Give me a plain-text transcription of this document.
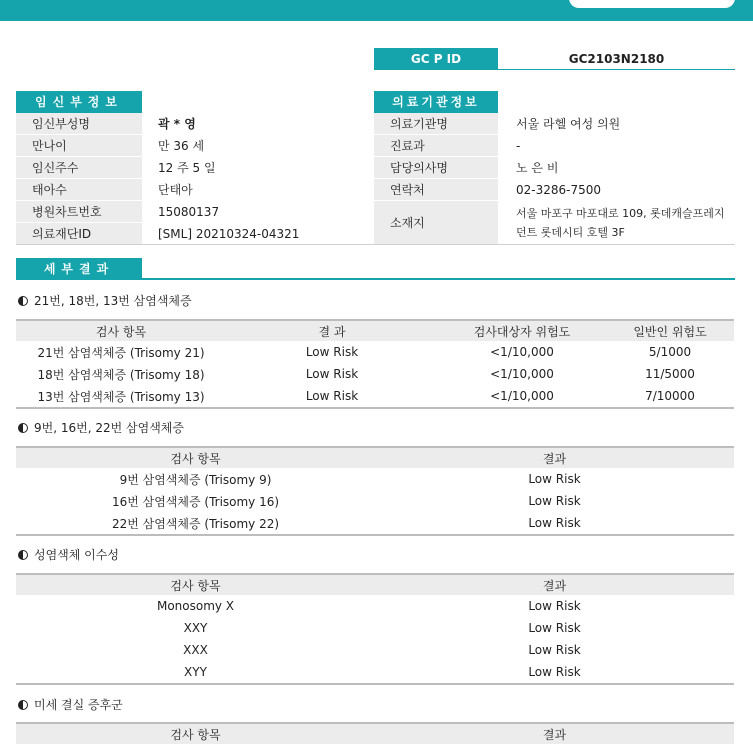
GC P ID	GC2103N2180
임신부정보	의료기관정보
임신부성명	곽 * 영
만나이	만 36 세
임신주수	12 주 5 일
태아수	단태아
병원차트번호	15080137
의료재단ID	[SML] 20210324-04321
의료기관명	서울 라헬 여성 의원
진료과	-
담당의사명	노 은 비
연락처	02-3286-7500
소재지
서울 마포구 마포대로 109, 롯데캐슬프레지
던트 롯데시티 호텔 3F
세부결과
21번, 18번, 13번 삼염색체증
검사 항목	결 과	검사대상자 위험도	일반인 위험도
21번 삼염색체증 (Trisomy 21)	Low Risk	<1/10,000	5/1000
18번 삼염색체증 (Trisomy 18)	Low Risk	<1/10,000	11/5000
13번 삼염색체증 (Trisomy 13)	Low Risk	<1/10,000	7/10000
9번, 16번, 22번 삼염색체증
검사 항목	결과
9번 삼염색체증 (Trisomy 9)	Low Risk
16번 삼염색체증 (Trisomy 16)	Low Risk
22번 삼염색체증 (Trisomy 22)	Low Risk
성염색체 이수성
검사 항목	결과
Monosomy X	Low Risk
XXY	Low Risk
XXX	Low Risk
XYY	Low Risk
미세 결실 증후군
검사 항목	결과
